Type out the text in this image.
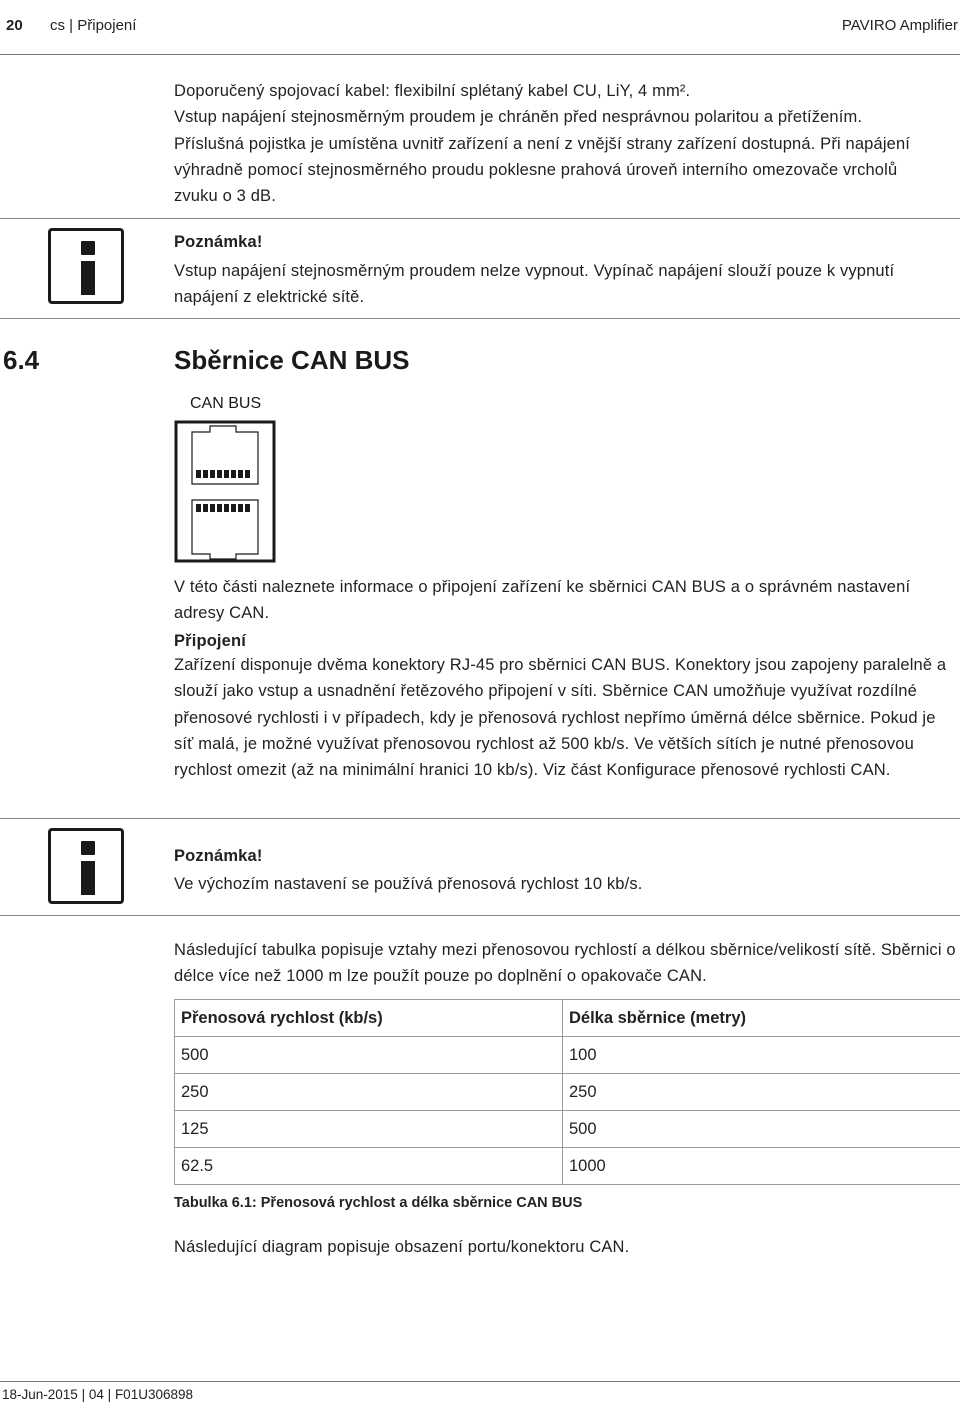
20 cs | Připojení	PAVIRO Amplifier
Doporučený spojovací kabel: flexibilní splétaný kabel CU, LiY, 4 mm².
Vstup napájení stejnosměrným proudem je chráněn před nesprávnou polaritou a přetížením.
Příslušná pojistka je umístěna uvnitř zařízení a není z vnější strany zařízení dostupná. Při napájení výhradně pomocí stejnosměrného proudu poklesne prahová úroveň interního omezovače vrcholů zvuku o 3 dB.
Poznámka!
Vstup napájení stejnosměrným proudem nelze vypnout. Vypínač napájení slouží pouze k vypnutí napájení z elektrické sítě.
6.4	Sběrnice CAN BUS
CAN BUS
V této části naleznete informace o připojení zařízení ke sběrnici CAN BUS a o správném nastavení adresy CAN.
Připojení
Zařízení disponuje dvěma konektory RJ-45 pro sběrnici CAN BUS. Konektory jsou zapojeny paralelně a slouží jako vstup a usnadnění řetězového připojení v síti. Sběrnice CAN umožňuje využívat rozdílné přenosové rychlosti i v případech, kdy je přenosová rychlost nepřímo úměrná délce sběrnice. Pokud je síť malá, je možné využívat přenosovou rychlost až 500 kb/s. Ve větších sítích je nutné přenosovou rychlost omezit (až na minimální hranici 10 kb/s). Viz část Konfigurace přenosové rychlosti CAN.
Poznámka!
Ve výchozím nastavení se používá přenosová rychlost 10 kb/s.
Následující tabulka popisuje vztahy mezi přenosovou rychlostí a délkou sběrnice/velikostí sítě. Sběrnici o délce více než 1000 m lze použít pouze po doplnění o opakovače CAN.
Přenosová rychlost (kb/s)	Délka sběrnice (metry)
500	100
250	250
125	500
62.5	1000
Tabulka 6.1: Přenosová rychlost a délka sběrnice CAN BUS
Následující diagram popisuje obsazení portu/konektoru CAN.
18-Jun-2015 | 04 | F01U306898
